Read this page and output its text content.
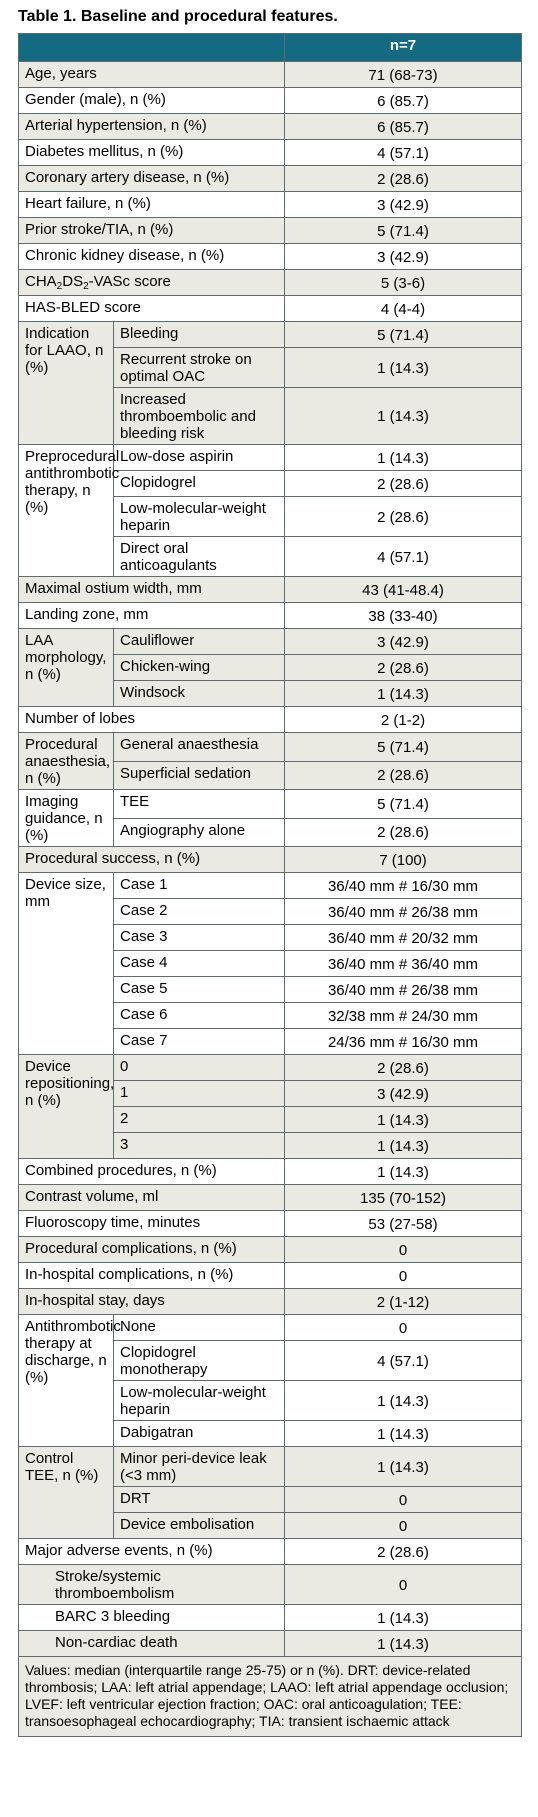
Table 1. Baseline and procedural features.
		n=7
Age, years		71 (68-73)
Gender (male), n (%)		6 (85.7)
Arterial hypertension, n (%)		6 (85.7)
Diabetes mellitus, n (%)		4 (57.1)
Coronary artery disease, n (%)		2 (28.6)
Heart failure, n (%)		3 (42.9)
Prior stroke/TIA, n (%)		5 (71.4)
Chronic kidney disease, n (%)		3 (42.9)
$CHA_2DS_2$-VASc score		5 (3-6)
HAS-BLED score		4 (4-4)
Indication for LAAO, n (%)	Bleeding	5 (71.4)
	Recurrent stroke on optimal OAC	1 (14.3)
	Increased thromboembolic and bleeding risk	1 (14.3)
Preprocedural antithrombotic therapy, n (%)	Low-dose aspirin	1 (14.3)
	Clopidogrel	2 (28.6)
	Low-molecular-weight heparin	2 (28.6)
	Direct oral anticoagulants	4 (57.1)
Maximal ostium width, mm		43 (41-48.4)
Landing zone, mm		38 (33-40)
LAA morphology, n (%)	Cauliflower	3 (42.9)
	Chicken-wing	2 (28.6)
	Windsock	1 (14.3)
Number of lobes		2 (1-2)
Procedural anaesthesia, n (%)	General anaesthesia	5 (71.4)
	Superficial sedation	2 (28.6)
Imaging guidance, n (%)	TEE	5 (71.4)
	Angiography alone	2 (28.6)
Procedural success, n (%)		7 (100)
Device size, mm	Case 1	36/40 mm # 16/30 mm
	Case 2	36/40 mm # 26/38 mm
	Case 3	36/40 mm # 20/32 mm
	Case 4	36/40 mm # 36/40 mm
	Case 5	36/40 mm # 26/38 mm
	Case 6	32/38 mm # 24/30 mm
	Case 7	24/36 mm # 16/30 mm
Device repositioning, n (%)	0	2 (28.6)
	1	3 (42.9)
	2	1 (14.3)
	3	1 (14.3)
Combined procedures, n (%)		1 (14.3)
Contrast volume, ml		135 (70-152)
Fluoroscopy time, minutes		53 (27-58)
Procedural complications, n (%)		0
In-hospital complications, n (%)		0
In-hospital stay, days		2 (1-12)
Antithrombotic therapy at discharge, n (%)	None	0
	Clopidogrel monotherapy	4 (57.1)
	Low-molecular-weight heparin	1 (14.3)
	Dabigatran	1 (14.3)
Control TEE, n (%)	Minor peri-device leak (<3 mm)	1 (14.3)
	DRT	0
	Device embolisation	0
Major adverse events, n (%)		2 (28.6)
Stroke/systemic thromboembolism		0
BARC 3 bleeding		1 (14.3)
Non-cardiac death		1 (14.3)
Values: median (interquartile range 25-75) or n (%). DRT: device-related thrombosis; LAA: left atrial appendage; LAAO: left atrial appendage occlusion; LVEF: left ventricular ejection fraction; OAC: oral anticoagulation; TEE: transoesophageal echocardiography; TIA: transient ischaemic attack		
